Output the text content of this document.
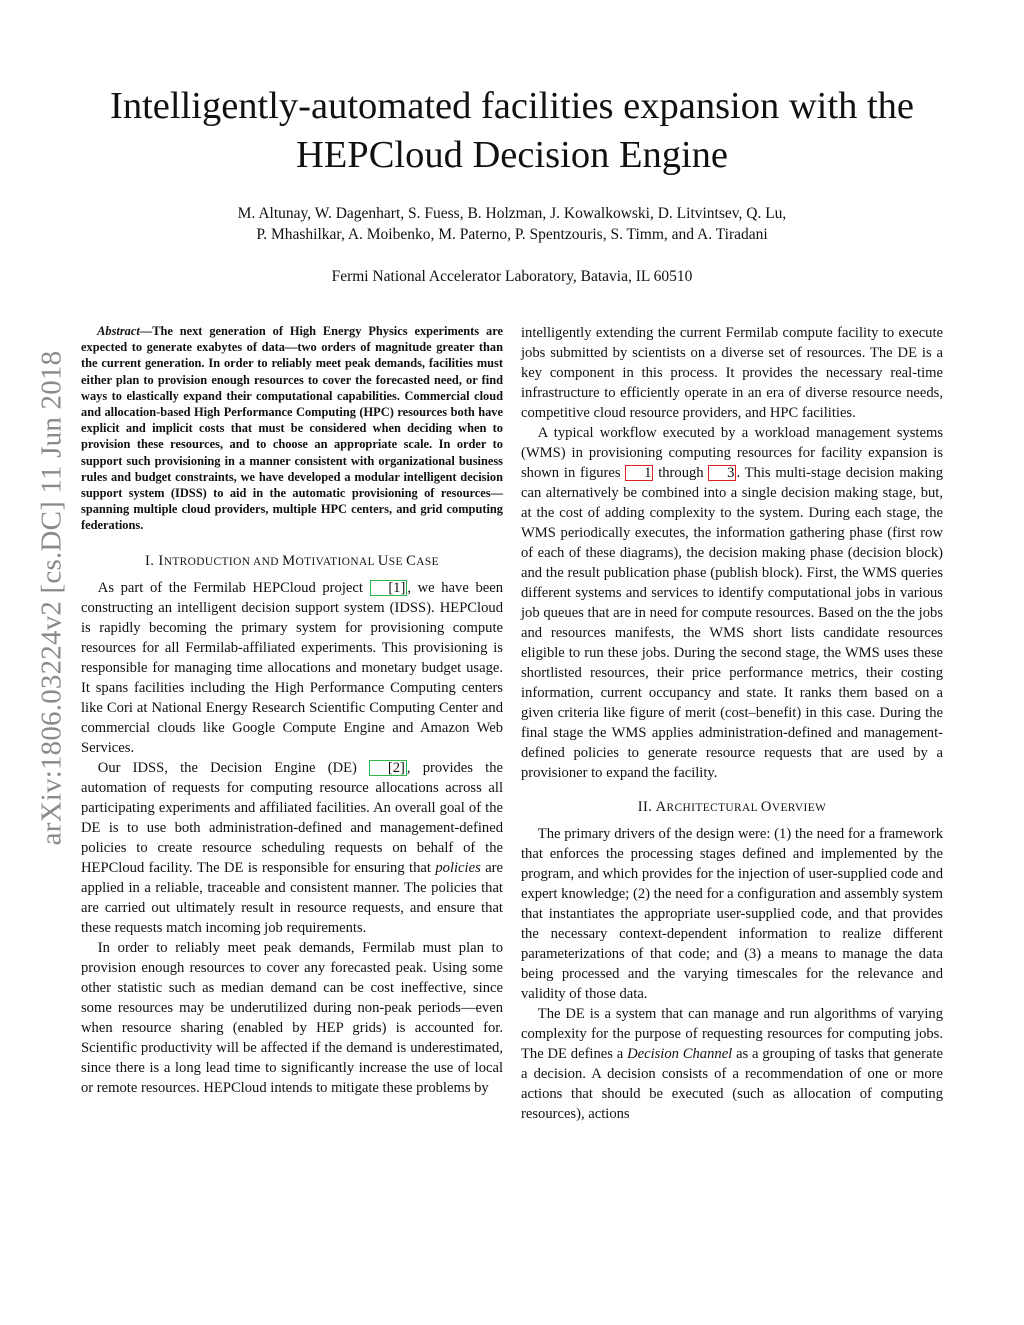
Intelligently-automated facilities expansion with the HEPCloud Decision Engine
M. Altunay, W. Dagenhart, S. Fuess, B. Holzman, J. Kowalkowski, D. Litvintsev, Q. Lu,
P. Mhashilkar, A. Moibenko, M. Paterno, P. Spentzouris, S. Timm, and A. Tiradani
Fermi National Accelerator Laboratory, Batavia, IL 60510
arXiv:1806.03224v2 [cs.DC] 11 Jun 2018

Abstract—The next generation of High Energy Physics experiments are expected to generate exabytes of data—two orders of magnitude greater than the current generation. In order to reliably meet peak demands, facilities must either plan to provision enough resources to cover the forecasted need, or find ways to elastically expand their computational capabilities. Commercial cloud and allocation-based High Performance Computing (HPC) resources both have explicit and implicit costs that must be considered when deciding when to provision these resources, and to choose an appropriate scale. In order to support such provisioning in a manner consistent with organizational business rules and budget constraints, we have developed a modular intelligent decision support system (IDSS) to aid in the automatic provisioning of resources—spanning multiple cloud providers, multiple HPC centers, and grid computing federations.

I. INTRODUCTION AND MOTIVATIONAL USE CASE

As part of the Fermilab HEPCloud project [1] , we have been constructing an intelligent decision support system (IDSS). HEPCloud is rapidly becoming the primary system for provisioning compute resources for all Fermilab-affiliated experiments. This provisioning is responsible for managing time allocations and monetary budget usage. It spans facilities including the High Performance Computing centers like Cori at National Energy Research Scientific Computing Center and commercial clouds like Google Compute Engine and Amazon Web Services.

Our IDSS, the Decision Engine (DE) [2] , provides the automation of requests for computing resource allocations across all participating experiments and affiliated facilities. An overall goal of the DE is to use both administration-defined and management-defined policies to create resource scheduling requests on behalf of the HEPCloud facility. The DE is responsible for ensuring that policies are applied in a reliable, traceable and consistent manner. The policies that are carried out ultimately result in resource requests, and ensure that these requests match incoming job requirements.

In order to reliably meet peak demands, Fermilab must plan to provision enough resources to cover any forecasted peak. Using some other statistic such as median demand can be cost ineffective, since some resources may be underutilized during non-peak periods—even when resource sharing (enabled by HEP grids) is accounted for. Scientific productivity will be affected if the demand is underestimated, since there is a long lead time to significantly increase the use of local or remote resources. HEPCloud intends to mitigate these problems by

intelligently extending the current Fermilab compute facility to execute jobs submitted by scientists on a diverse set of resources. The DE is a key component in this process. It provides the necessary real-time infrastructure to efficiently operate in an era of diverse resource needs, competitive cloud resource providers, and HPC facilities.

A typical workflow executed by a workload management systems (WMS) in provisioning computing resources for facility expansion is shown in figures 1 through 3 . This multi-stage decision making can alternatively be combined into a single decision making stage, but, at the cost of adding complexity to the system. During each stage, the WMS periodically executes, the information gathering phase (first row of each of these diagrams), the decision making phase (decision block) and the result publication phase (publish block). First, the WMS queries different systems and services to identify computational jobs in various job queues that are in need for compute resources. Based on the the jobs and resources manifests, the WMS short lists candidate resources eligible to run these jobs. During the second stage, the WMS uses these shortlisted resources, their price performance metrics, their costing information, current occupancy and state. It ranks them based on a given criteria like figure of merit (cost–benefit) in this case. During the final stage the WMS applies administration-defined and management-defined policies to generate resource requests that are used by a provisioner to expand the facility.

II. ARCHITECTURAL OVERVIEW

The primary drivers of the design were: (1) the need for a framework that enforces the processing stages defined and implemented by the program, and which provides for the injection of user-supplied code and expert knowledge; (2) the need for a configuration and assembly system that instantiates the appropriate user-supplied code, and that provides the necessary context-dependent information to realize different parameterizations of that code; and (3) a means to manage the data being processed and the varying timescales for the relevance and validity of those data.

The DE is a system that can manage and run algorithms of varying complexity for the purpose of requesting resources for computing jobs. The DE defines a Decision Channel as a grouping of tasks that generate a decision. A decision consists of a recommendation of one or more actions that should be executed (such as allocation of computing resources), actions
